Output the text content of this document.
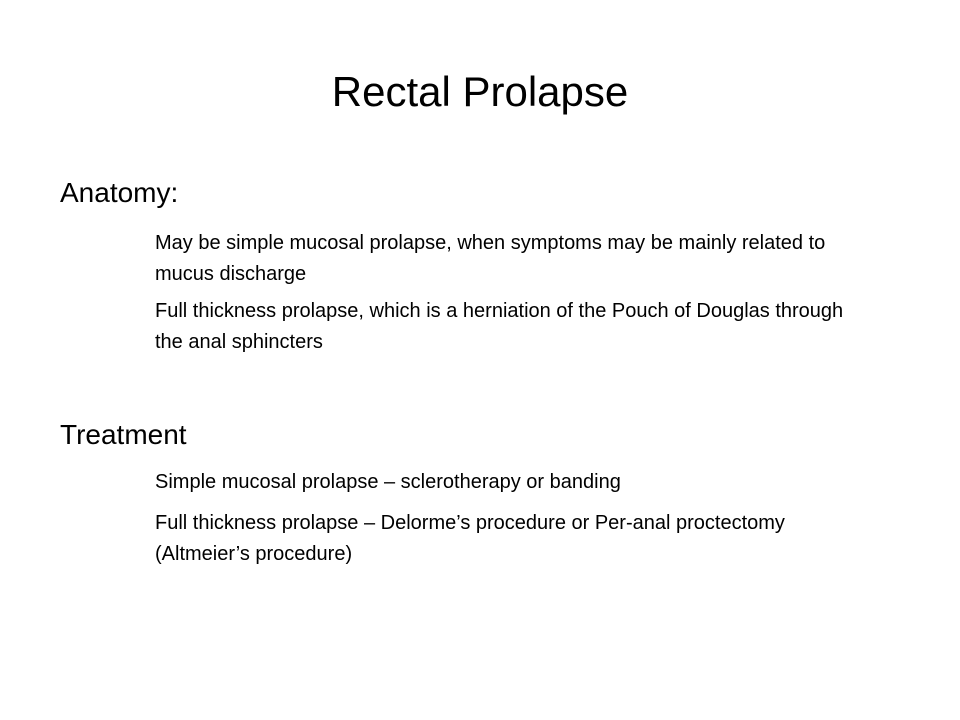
Rectal Prolapse
Anatomy:
May be simple mucosal prolapse, when symptoms may be mainly related to mucus discharge
Full thickness prolapse, which is a herniation of the Pouch of Douglas through the anal sphincters
Treatment
Simple mucosal prolapse – sclerotherapy or banding
Full thickness prolapse – Delorme’s procedure or Per-anal proctectomy (Altmeier’s procedure)
